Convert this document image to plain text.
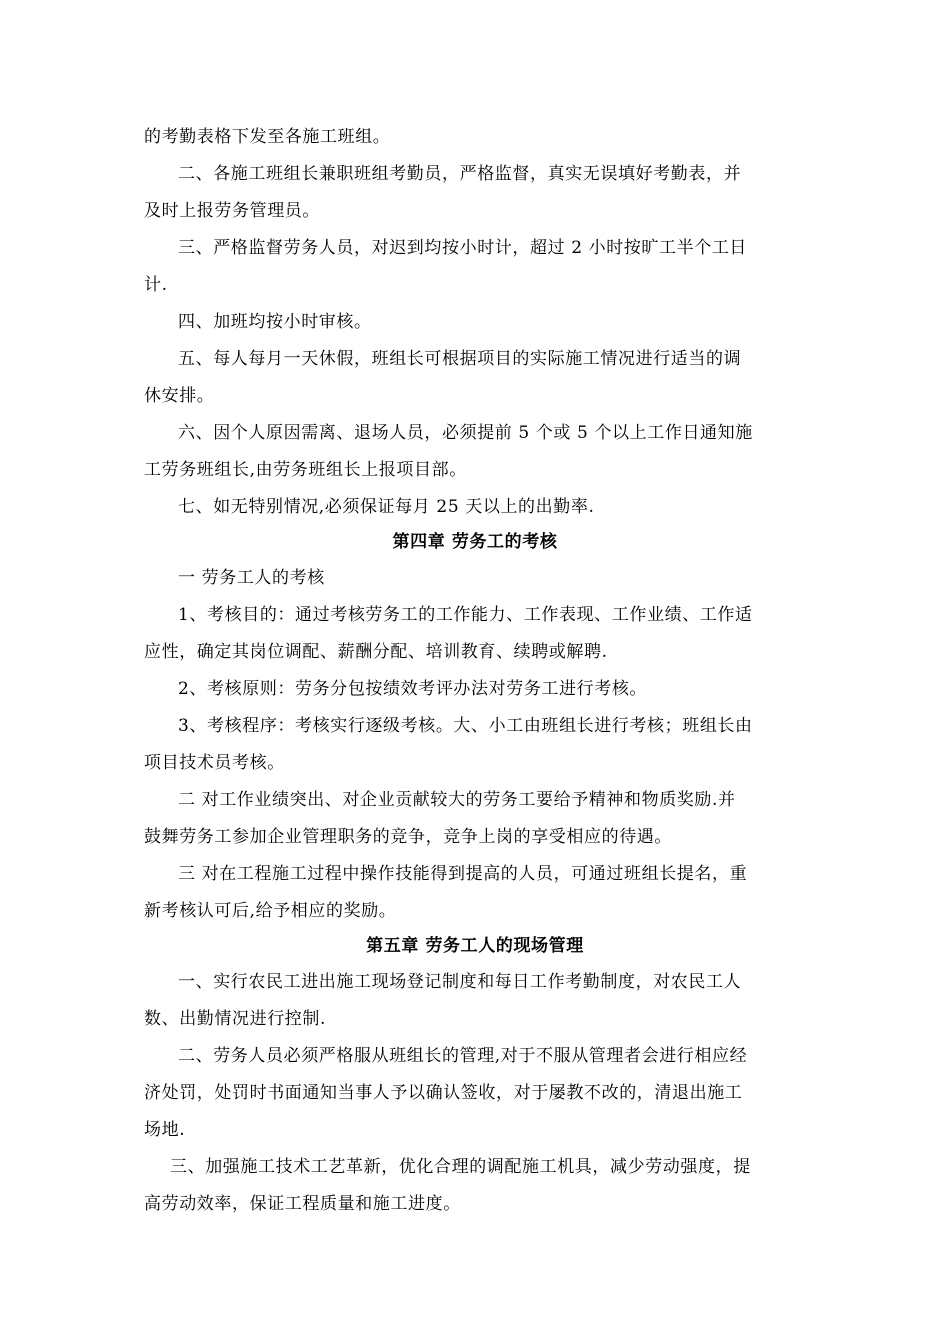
的考勤表格下发至各施工班组。
二、各施工班组长兼职班组考勤员，严格监督，真实无误填好考勤表，并
及时上报劳务管理员。
三、严格监督劳务人员，对迟到均按小时计，超过 2 小时按旷工半个工日
计.
四、加班均按小时审核。
五、每人每月一天休假，班组长可根据项目的实际施工情况进行适当的调
休安排。
六、因个人原因需离、退场人员，必须提前 5 个或 5 个以上工作日通知施
工劳务班组长,由劳务班组长上报项目部。
七、如无特别情况,必须保证每月 25 天以上的出勤率.
第四章 劳务工的考核
一 劳务工人的考核
1、考核目的：通过考核劳务工的工作能力、工作表现、工作业绩、工作适
应性，确定其岗位调配、薪酬分配、培训教育、续聘或解聘.
2、考核原则：劳务分包按绩效考评办法对劳务工进行考核。
3、考核程序：考核实行逐级考核。大、小工由班组长进行考核；班组长由
项目技术员考核。
二 对工作业绩突出、对企业贡献较大的劳务工要给予精神和物质奖励.并
鼓舞劳务工参加企业管理职务的竞争，竞争上岗的享受相应的待遇。
三 对在工程施工过程中操作技能得到提高的人员，可通过班组长提名，重
新考核认可后,给予相应的奖励。
第五章 劳务工人的现场管理
一、实行农民工进出施工现场登记制度和每日工作考勤制度，对农民工人
数、出勤情况进行控制.
二、劳务人员必须严格服从班组长的管理,对于不服从管理者会进行相应经
济处罚，处罚时书面通知当事人予以确认签收，对于屡教不改的，清退出施工
场地.
三、加强施工技术工艺革新，优化合理的调配施工机具，减少劳动强度，提
高劳动效率，保证工程质量和施工进度。
